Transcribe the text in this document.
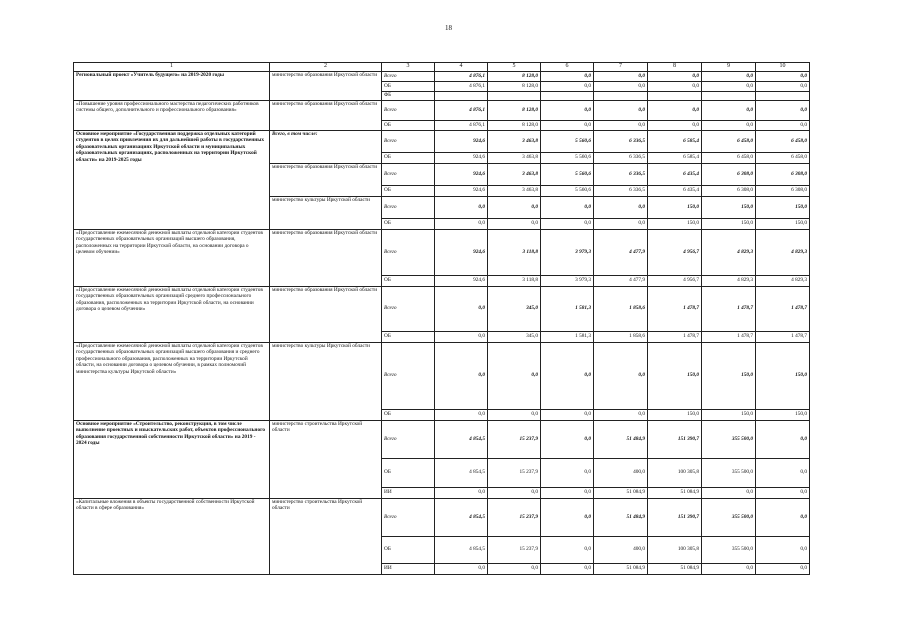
18
1	2	3	4	5	6	7	8	9	10
Региональный проект «Учитель будущего» на 2019-2020 годы	министерство образования Иркутской области	Всего	4 876,1	8 128,0	0,0	0,0	0,0	0,0	0,0
		ОБ	4 876,1	8 128,0	0,0	0,0	0,0	0,0	0,0
		ФБ							
«Повышение уровня профессионального мастерства педагогических работников системы общего, дополнительного и профессионального образования»	министерство образования Иркутской области	Всего	4 876,1	8 128,0	0,0	0,0	0,0	0,0	0,0
		ОБ	4 876,1	8 128,0	0,0	0,0	0,0	0,0	0,0
Основное мероприятие «Государственная поддержка отдельных категорий студентов в целях привлечения их для дальнейшей работы в государственных образовательных организациях Иркутской области и муниципальных образовательных организациях, расположенных на территории Иркутской области» на 2019-2025 годы	Всего, в том числе:	Всего	924,6	3 463,8	5 560,6	6 336,5	6 585,4	6 458,0	6 458,0
		ОБ	924,6	3 463,8	5 560,6	6 336,5	6 585,4	6 458,0	6 458,0
	министерство образования Иркутской области	Всего	924,6	3 463,8	5 560,6	6 336,5	6 435,4	6 308,0	6 308,0
		ОБ	924,6	3 463,8	5 560,6	6 336,5	6 435,4	6 308,0	6 308,0
	министерство культуры Иркутской области	Всего	0,0	0,0	0,0	0,0	150,0	150,0	150,0
		ОБ	0,0	0,0	0,0	0,0	150,0	150,0	150,0
«Предоставление ежемесячной денежной выплаты отдельной категории студентов государственных образовательных организаций высшего образования, расположенных на территории Иркутской области, на основании договора о целевом обучении»	министерство образования Иркутской области	Всего	924,6	3 118,8	3 979,3	4 477,9	4 956,7	4 829,3	4 829,3
		ОБ	924,6	3 118,8	3 979,3	4 477,9	4 956,7	4 829,3	4 829,3
«Предоставление ежемесячной денежной выплаты отдельной категории студентов государственных образовательных организаций среднего профессионального образования, расположенных на территории Иркутской области, на основании договора о целевом обучении»	министерство образования Иркутской области	Всего	0,0	345,0	1 581,3	1 858,6	1 478,7	1 478,7	1 478,7
		ОБ	0,0	345,0	1 581,3	1 858,6	1 478,7	1 478,7	1 478,7
«Предоставление ежемесячной денежной выплаты отдельной категории студентов государственных образовательных организаций высшего образования и среднего профессионального образования, расположенных на территории Иркутской области, на основании договора о целевом обучении, в рамках полномочий министерства культуры Иркутской области»	министерство культуры Иркутской области	Всего	0,0	0,0	0,0	0,0	150,0	150,0	150,0
		ОБ	0,0	0,0	0,0	0,0	150,0	150,0	150,0
Основное мероприятие «Строительство, реконструкция, в том числе выполнение проектных и изыскательских работ, объектов профессионального образования государственной собственности Иркутской области» на 2019 - 2024 годы	министерство строительства Иркутской области	Всего	4 854,5	15 237,9	0,0	51 484,9	151 390,7	355 500,0	0,0
		ОБ	4 854,5	15 237,9	0,0	400,0	100 305,8	355 500,0	0,0
		ИИ	0,0	0,0	0,0	51 084,9	51 084,9	0,0	0,0
«Капитальные вложения в объекты государственной собственности Иркутской области в сфере образования»	министерство строительства Иркутской области	Всего	4 854,5	15 237,9	0,0	51 484,9	151 390,7	355 500,0	0,0
		ОБ	4 854,5	15 237,9	0,0	400,0	100 305,8	355 500,0	0,0
		ИИ	0,0	0,0	0,0	51 084,9	51 084,9	0,0	0,0
